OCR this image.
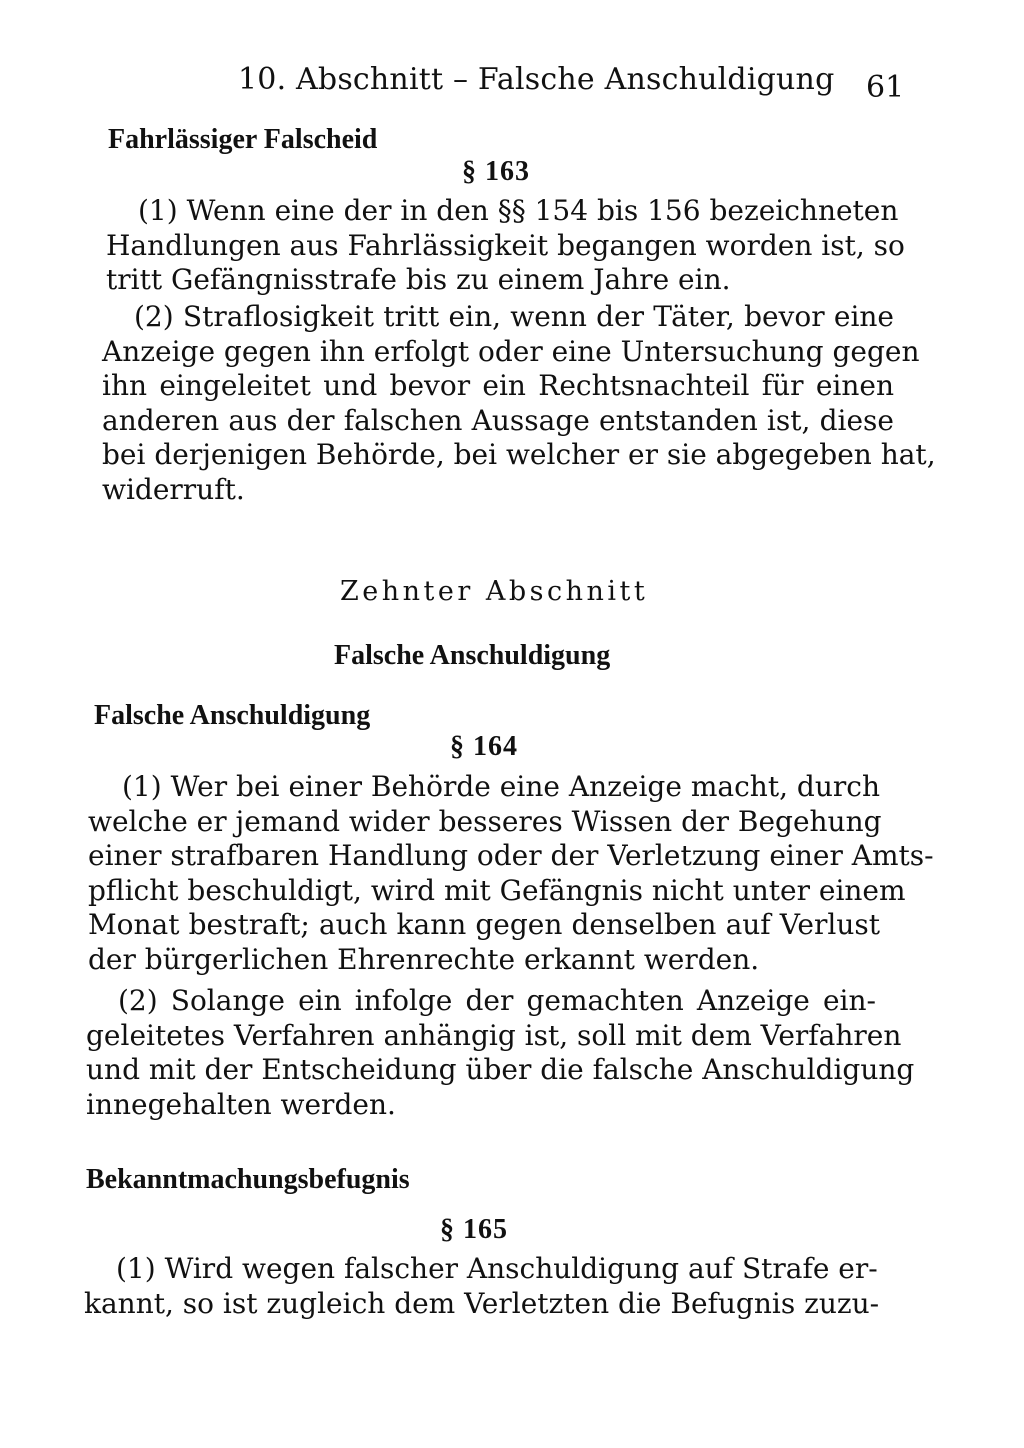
10. Abschnitt – Falsche Anschuldigung 61
Fahrlässiger Falscheid
§ 163
(1) Wenn eine der in den §§ 154 bis 156 bezeichneten
Handlungen aus Fahrlässigkeit begangen worden ist, so
tritt Gefängnisstrafe bis zu einem Jahre ein.
(2) Straflosigkeit tritt ein, wenn der Täter, bevor eine
Anzeige gegen ihn erfolgt oder eine Untersuchung gegen
ihn eingeleitet und bevor ein Rechtsnachteil für einen
anderen aus der falschen Aussage entstanden ist, diese
bei derjenigen Behörde, bei welcher er sie abgegeben hat,
widerruft.
Zehnter Abschnitt
Falsche Anschuldigung
Falsche Anschuldigung
§ 164
(1) Wer bei einer Behörde eine Anzeige macht, durch
welche er jemand wider besseres Wissen der Begehung
einer strafbaren Handlung oder der Verletzung einer Amts-
pflicht beschuldigt, wird mit Gefängnis nicht unter einem
Monat bestraft; auch kann gegen denselben auf Verlust
der bürgerlichen Ehrenrechte erkannt werden.
(2) Solange ein infolge der gemachten Anzeige ein-
geleitetes Verfahren anhängig ist, soll mit dem Verfahren
und mit der Entscheidung über die falsche Anschuldigung
innegehalten werden.
Bekanntmachungsbefugnis
§ 165
(1) Wird wegen falscher Anschuldigung auf Strafe er-
kannt, so ist zugleich dem Verletzten die Befugnis zuzu-
